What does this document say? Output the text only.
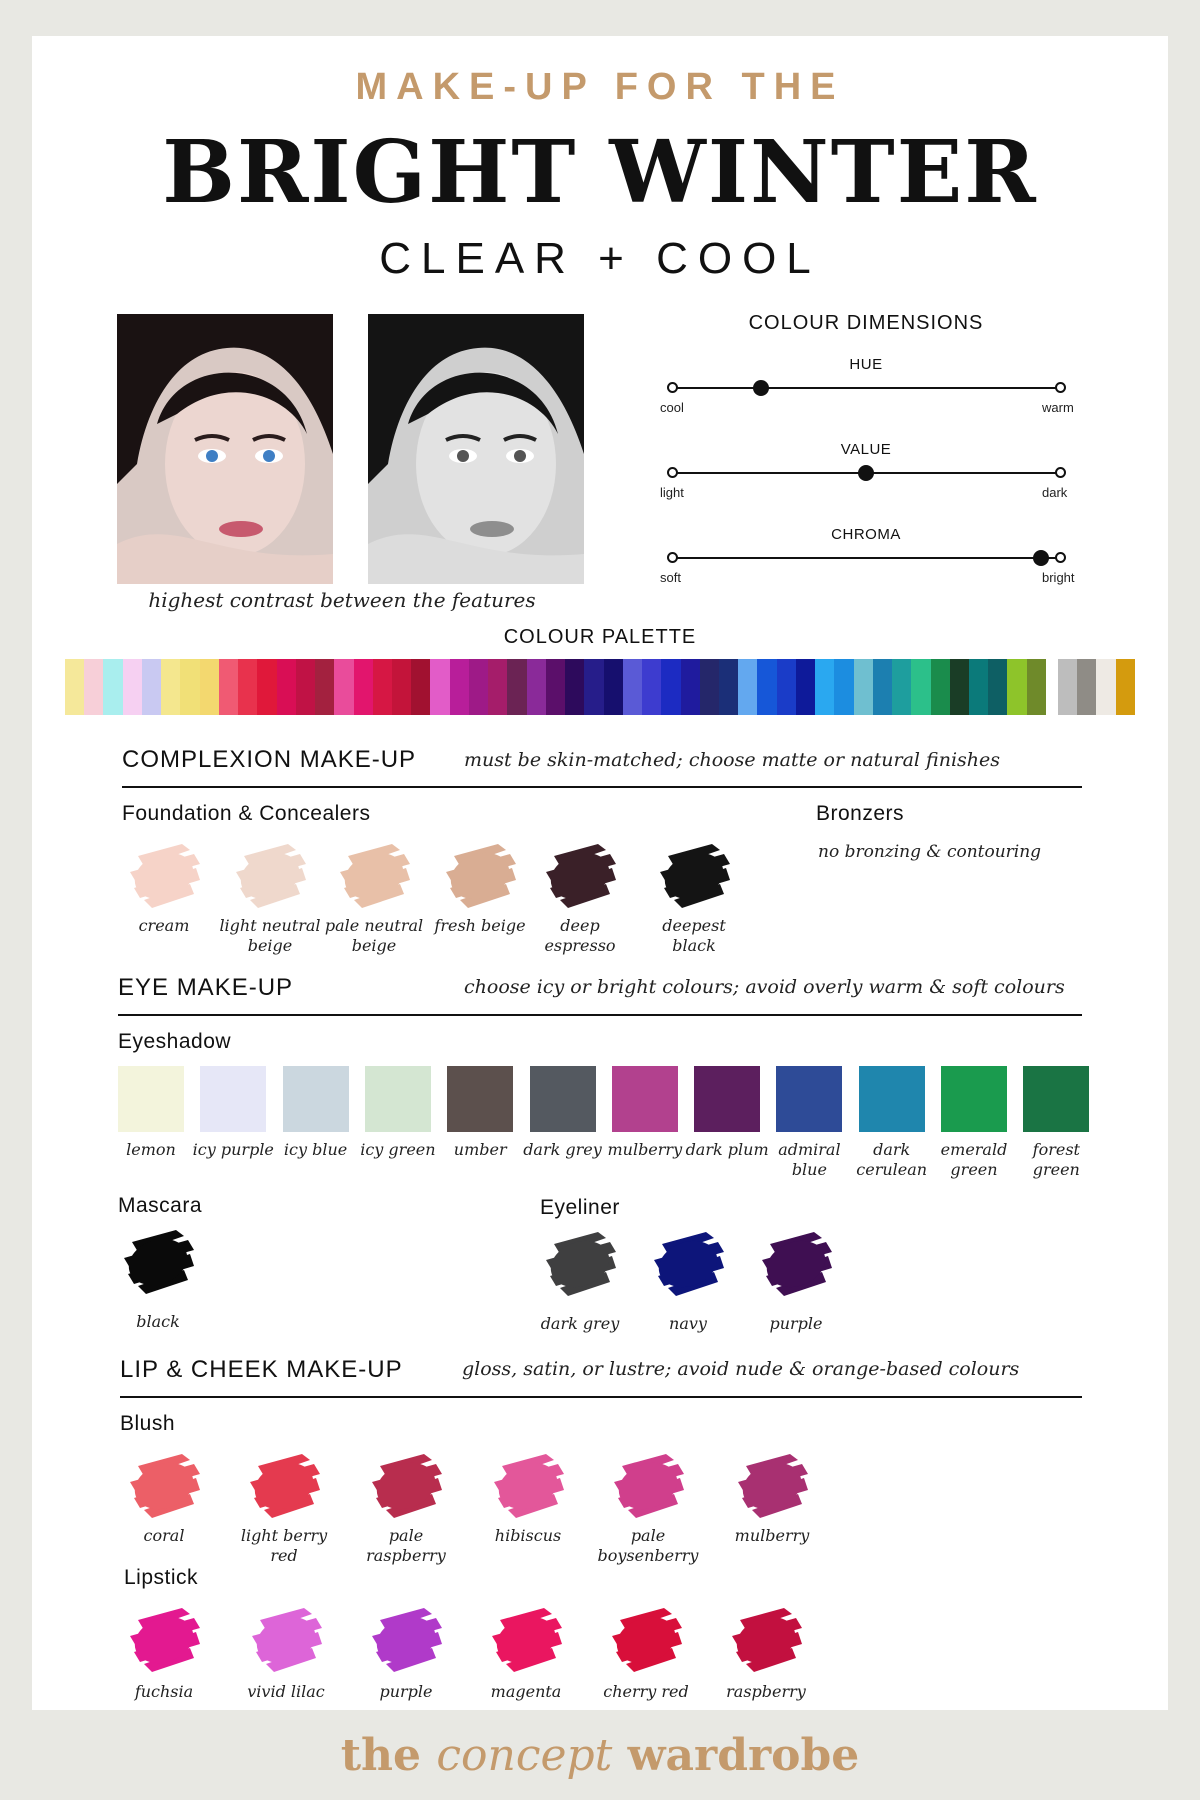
MAKE-UP FOR THE
BRIGHT WINTER
CLEAR + COOL
highest contrast between the features
COLOUR DIMENSIONS
HUE
cool	warm
VALUE
light	dark
CHROMA
soft	bright
COLOUR PALETTE
COMPLEXION MAKE-UP	must be skin-matched; choose matte or natural finishes
Foundation & Concealers	Bronzers
no bronzing & contouring
cream	light neutral beige
pale neutral beige
fresh beige	deep espresso
deepest black
EYE MAKE-UP	choose icy or bright colours; avoid overly warm & soft colours
Eyeshadow
lemon	icy purple icy blue icy green	umber	dark grey mulberry dark plum admiral blue
dark cerulean
emerald green
forest green
Mascara	Eyeliner
black	dark grey	navy	purple
LIP & CHEEK MAKE-UP	gloss, satin, or lustre; avoid nude & orange-based colours
Blush
coral	light berry red
pale raspberry
hibiscus	pale boysenberry
mulberry
Lipstick
fuchsia	vivid lilac	purple	magenta	cherry red	raspberry
the concept wardrobe
